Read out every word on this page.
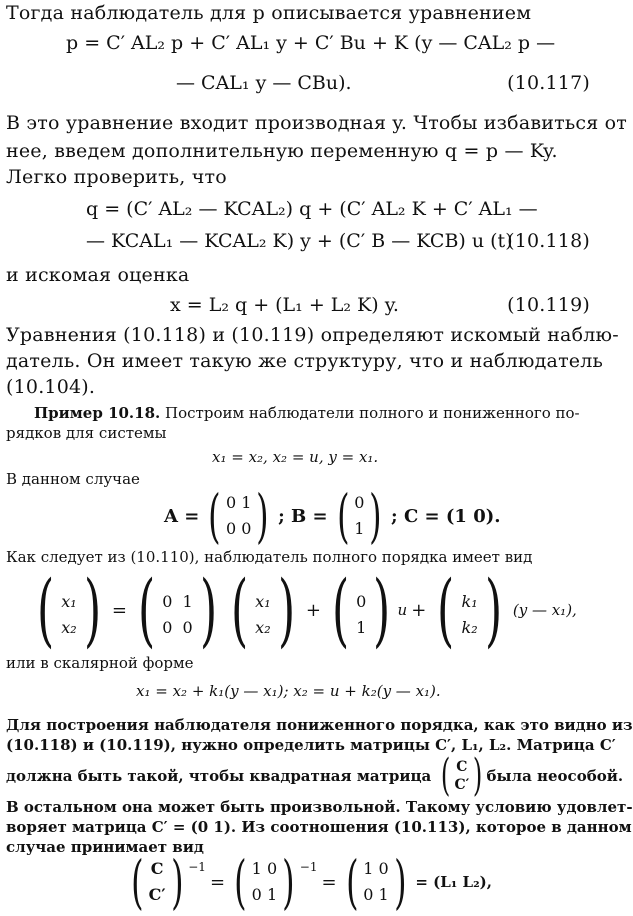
Тогда наблюдатель для p описывается уравнением
p = C′ AL₂ p + C′ AL₁ y + C′ Bu + K (y — CAL₂ p —
— CAL₁ y — CBu).	(10.117)
В это уравнение входит производная y. Чтобы избавиться от
нее, введем дополнительную переменную q = p — Ky.
Легко проверить, что
q = (C′ AL₂ — KCAL₂) q + (C′ AL₂ K + C′ AL₁ —
— KCAL₁ — KCAL₂ K) y + (C′ B — KCB) u (t)
(10.118)
и искомая оценка
x = L₂ q + (L₁ + L₂ K) y.	(10.119)
Уравнения (10.118) и (10.119) определяют искомый наблю-
датель. Он имеет такую же структуру, что и наблюдатель
(10.104).
Пример 10.18. Построим наблюдатели полного и пониженного по-
рядков для системы
x₁ = x₂, x₂ = u, y = x₁.
В данном случае
A = ( 0 1
0 0 ) ; B = ( 0
1 ) ; C = (1 0).
Как следует из (10.110), наблюдатель полного порядка имеет вид
( x₁
x₂ ) = ( 0 1
0 0 ) ( x₁
x₂ ) + ( 0
1 ) u + ( k₁
k₂ ) (y — x₁),
или в скалярной форме
x₁ = x₂ + k₁(y — x₁); x₂ = u + k₂(y — x₁).
Для построения наблюдателя пониженного порядка, как это видно из
(10.118) и (10.119), нужно определить матрицы C′, L₁, L₂. Матрица C′
должна быть такой, чтобы квадратная матрица ( C
C′ ) была неособой.
В остальном она может быть произвольной. Такому условию удовлет-
воряет матрица C′ = (0 1). Из соотношения (10.113), которое в данном
случае принимает вид
( C
C′ ) $^{-1}$
= ( 1 0
0 1 ) $^{-1}$
= ( 1 0
0 1 ) = (L₁ L₂),
